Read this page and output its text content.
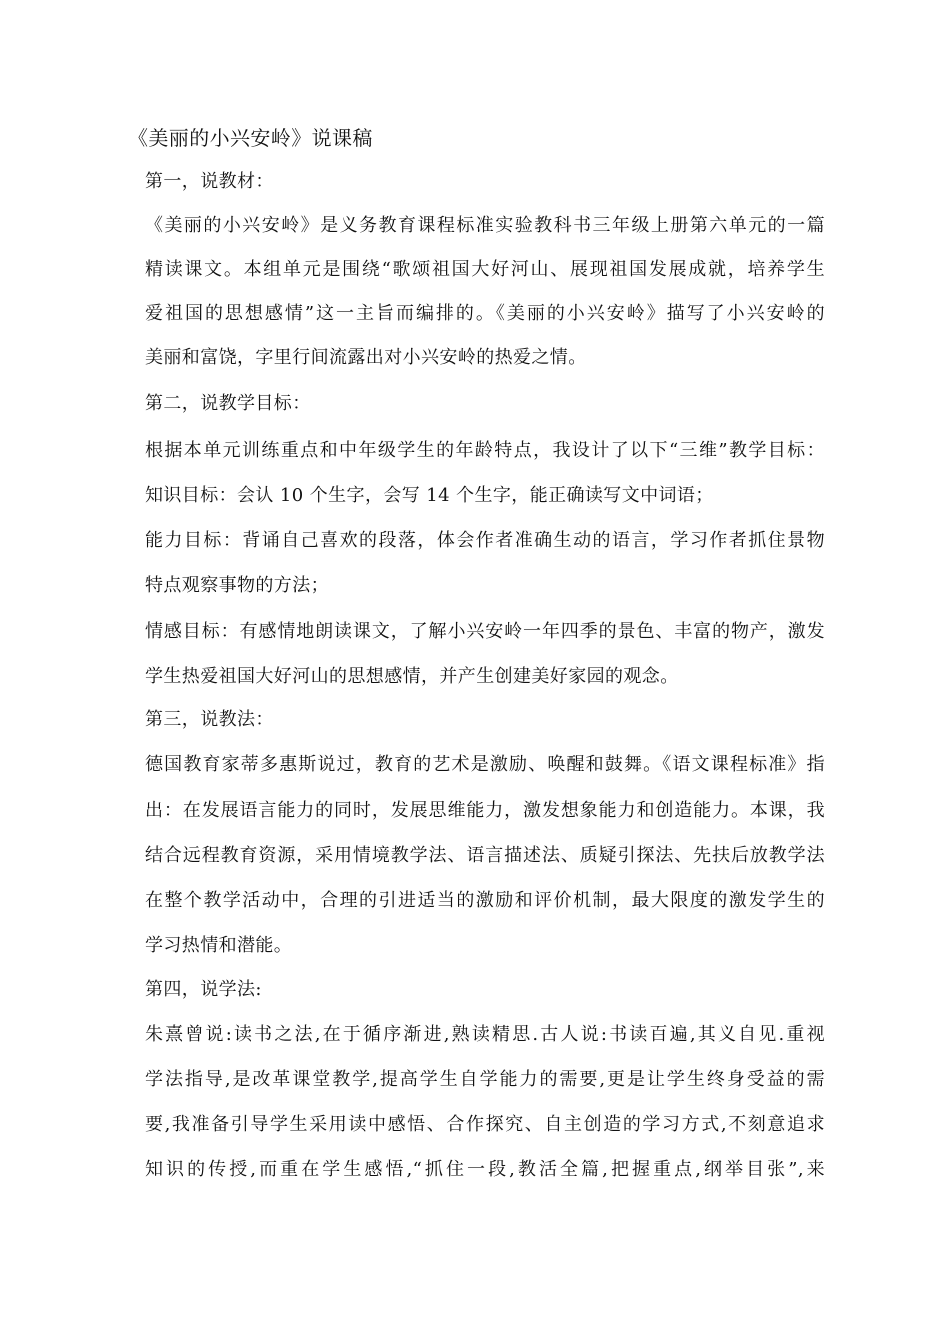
《美丽的小兴安岭》说课稿
第一，说教材：
《美丽的小兴安岭》是义务教育课程标准实验教科书三年级上册第六单元的一篇
精读课文。本组单元是围绕“歌颂祖国大好河山、展现祖国发展成就，培养学生
爱祖国的思想感情”这一主旨而编排的。《美丽的小兴安岭》描写了小兴安岭的
美丽和富饶，字里行间流露出对小兴安岭的热爱之情。
第二，说教学目标：
根据本单元训练重点和中年级学生的年龄特点，我设计了以下“三维”教学目标：
知识目标：会认 10 个生字，会写 14 个生字，能正确读写文中词语；
能力目标：背诵自己喜欢的段落，体会作者准确生动的语言，学习作者抓住景物
特点观察事物的方法；
情感目标：有感情地朗读课文，了解小兴安岭一年四季的景色、丰富的物产，激发
学生热爱祖国大好河山的思想感情，并产生创建美好家园的观念。
第三，说教法：
德国教育家蒂多惠斯说过，教育的艺术是激励、唤醒和鼓舞。《语文课程标准》指
出：在发展语言能力的同时，发展思维能力，激发想象能力和创造能力。本课，我
结合远程教育资源，采用情境教学法、语言描述法、质疑引探法、先扶后放教学法
在整个教学活动中，合理的引进适当的激励和评价机制，最大限度的激发学生的
学习热情和潜能。
第四，说学法:
朱熹曾说:读书之法,在于循序渐进,熟读精思.古人说:书读百遍,其义自见.重视
学法指导,是改革课堂教学,提高学生自学能力的需要,更是让学生终身受益的需
要,我准备引导学生采用读中感悟、合作探究、自主创造的学习方式,不刻意追求
知识的传授,而重在学生感悟,“抓住一段,教活全篇,把握重点,纲举目张”,来
